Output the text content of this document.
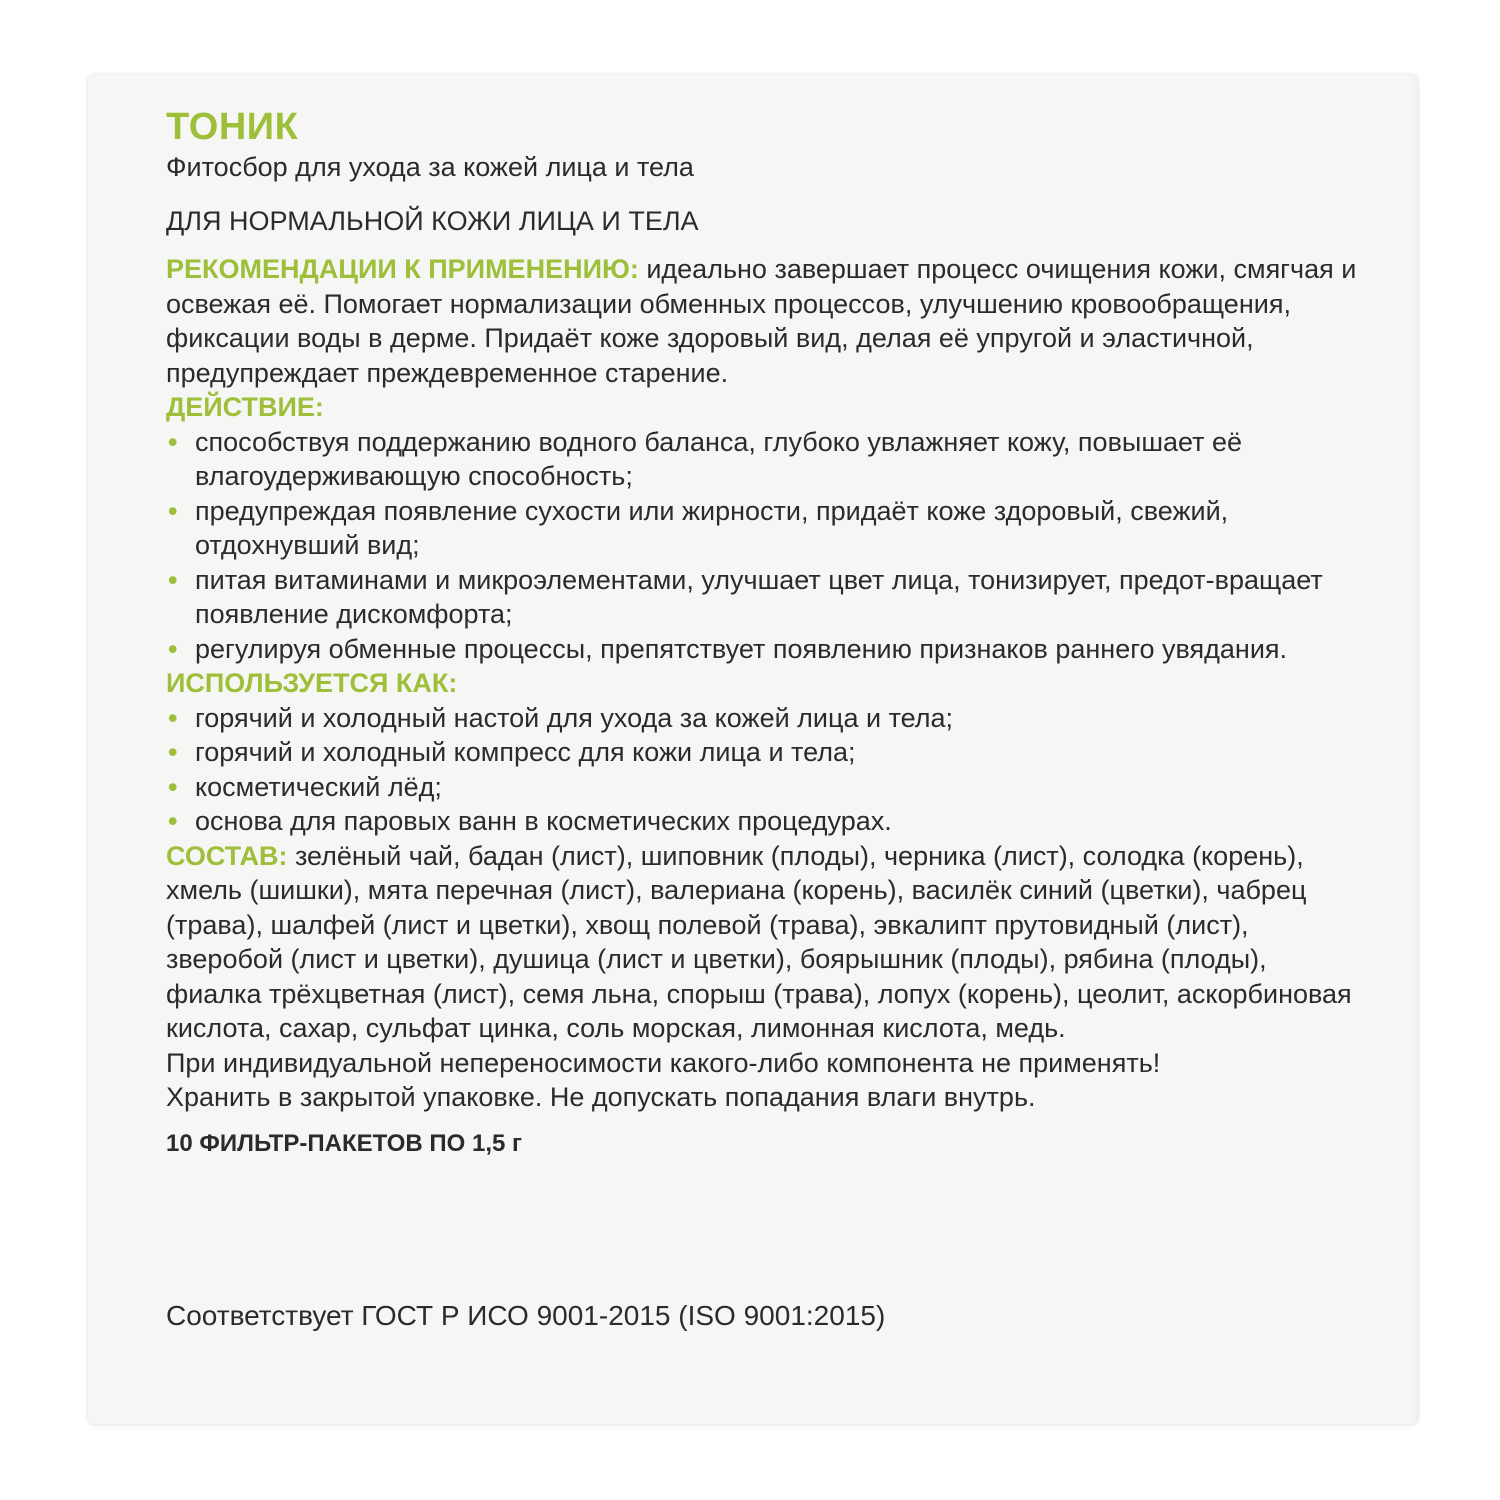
ТОНИК
Фитосбор для ухода за кожей лица и тела
ДЛЯ НОРМАЛЬНОЙ КОЖИ ЛИЦА И ТЕЛА
РЕКОМЕНДАЦИИ К ПРИМЕНЕНИЮ: идеально завершает процесс очищения кожи, смягчая и освежая её. Помогает нормализации обменных процессов, улучшению кровообращения, фиксации воды в дерме. Придаёт коже здоровый вид, делая её упругой и эластичной, предупреждает преждевременное старение.
ДЕЙСТВИЕ:
• способствуя поддержанию водного баланса, глубоко увлажняет кожу, повышает её влагоудерживающую способность;
• предупреждая появление сухости или жирности, придаёт коже здоровый, свежий, отдохнувший вид;
• питая витаминами и микроэлементами, улучшает цвет лица, тонизирует, предот-вращает появление дискомфорта;
• регулируя обменные процессы, препятствует появлению признаков раннего увядания.
ИСПОЛЬЗУЕТСЯ КАК:
• горячий и холодный настой для ухода за кожей лица и тела;
• горячий и холодный компресс для кожи лица и тела;
• косметический лёд;
• основа для паровых ванн в косметических процедурах.
СОСТАВ: зелёный чай, бадан (лист), шиповник (плоды), черника (лист), солодка (корень), хмель (шишки), мята перечная (лист), валериана (корень), василёк синий (цветки), чабрец (трава), шалфей (лист и цветки), хвощ полевой (трава), эвкалипт прутовидный (лист), зверобой (лист и цветки), душица (лист и цветки), боярышник (плоды), рябина (плоды), фиалка трёхцветная (лист), семя льна, спорыш (трава), лопух (корень), цеолит, аскорбиновая кислота, сахар, сульфат цинка, соль морская, лимонная кислота, медь.
При индивидуальной непереносимости какого-либо компонента не применять!
Хранить в закрытой упаковке. Не допускать попадания влаги внутрь.
10 ФИЛЬТР-ПАКЕТОВ ПО 1,5 г
Соответствует ГОСТ Р ИСО 9001-2015 (ISO 9001:2015)
